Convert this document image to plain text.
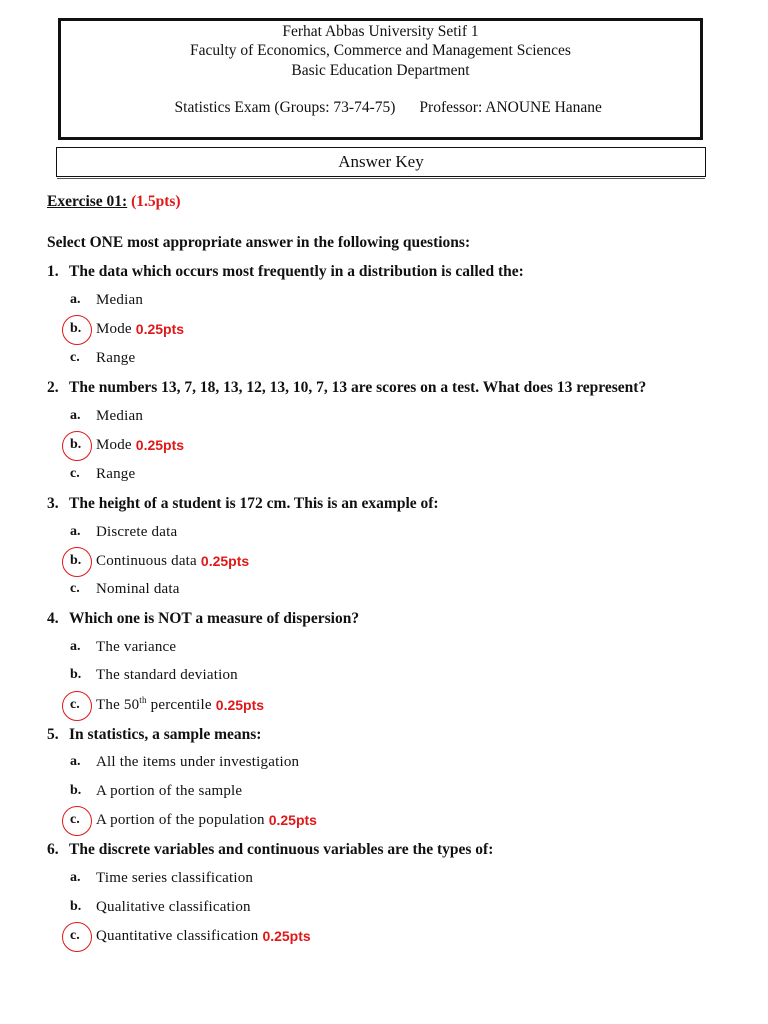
Ferhat Abbas University Setif 1
Faculty of Economics, Commerce and Management Sciences
Basic Education Department

Statistics Exam (Groups: 73-74-75) Professor: ANOUNE Hanane

Answer Key
Exercise 01: (1.5pts)
Select ONE most appropriate answer in the following questions:
1. The data which occurs most frequently in a distribution is called the:
a.	Median
b. Mode 0.25pts
c.	Range
2. The numbers 13, 7, 18, 13, 12, 13, 10, 7, 13 are scores on a test. What does 13 represent?
a.	Median
b. Mode 0.25pts
c.	Range
3. The height of a student is 172 cm. This is an example of:
a.	Discrete data
b. Continuous data 0.25pts
c.	Nominal data
4. Which one is NOT a measure of dispersion?
a.	The variance
b. The standard deviation
c.	The 50th percentile 0.25pts
5. In statistics, a sample means:
a.	All the items under investigation
b. A portion of the sample
c.	A portion of the population 0.25pts
6. The discrete variables and continuous variables are the types of:
a.	Time series classification
b. Qualitative classification
c.	Quantitative classification 0.25pts
